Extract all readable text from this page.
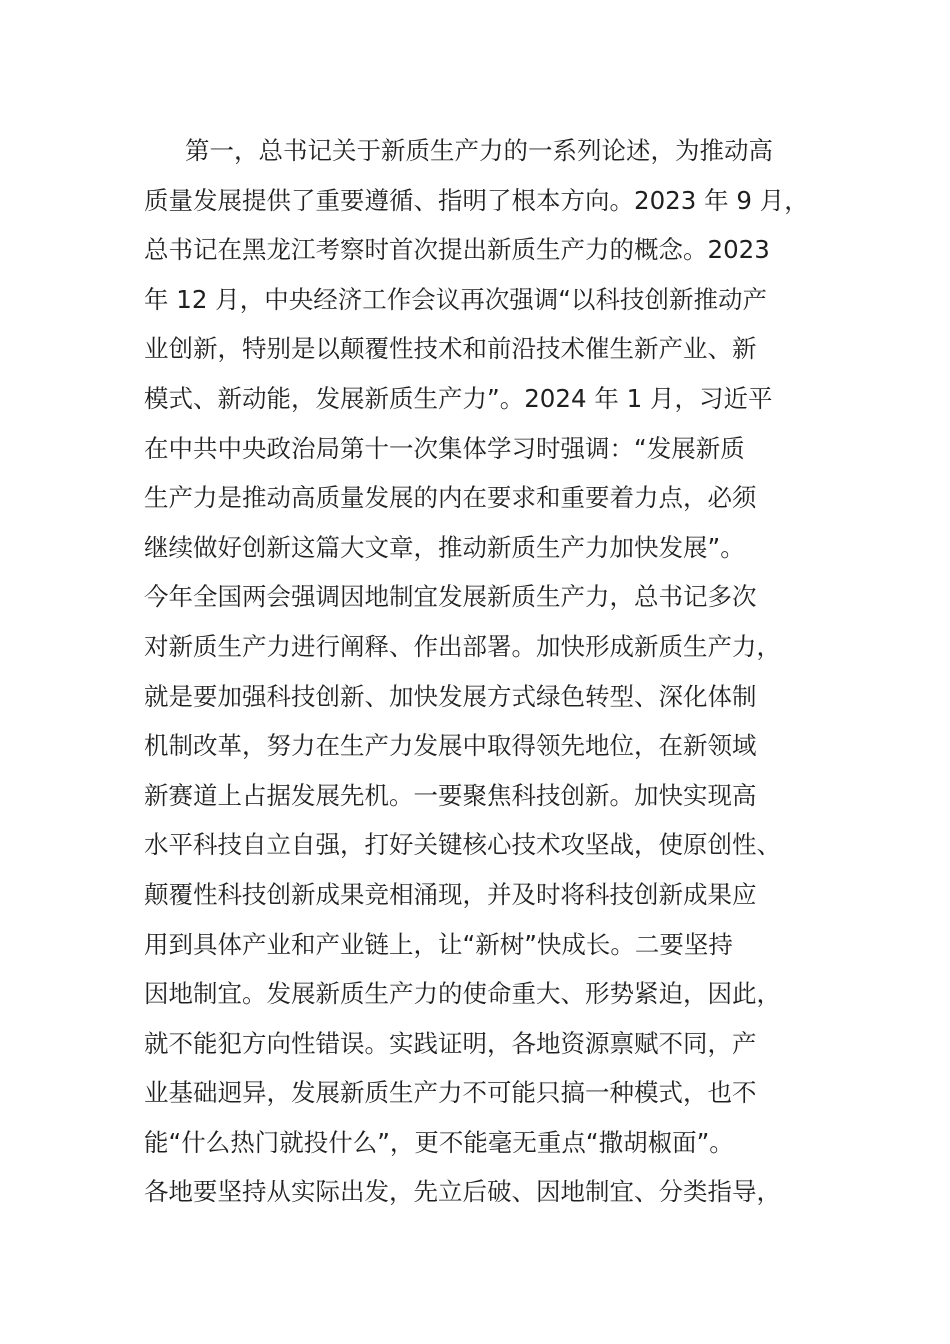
第一，总书记关于新质生产力的一系列论述，为推动高
质量发展提供了重要遵循、指明了根本方向。2023 年 9 月，
总书记在黑龙江考察时首次提出新质生产力的概念。2023
年 12 月，中央经济工作会议再次强调“以科技创新推动产
业创新，特别是以颠覆性技术和前沿技术催生新产业、新
模式、新动能，发展新质生产力”。2024 年 1 月，习近平
在中共中央政治局第十一次集体学习时强调：“发展新质
生产力是推动高质量发展的内在要求和重要着力点，必须
继续做好创新这篇大文章，推动新质生产力加快发展”。
今年全国两会强调因地制宜发展新质生产力，总书记多次
对新质生产力进行阐释、作出部署。加快形成新质生产力，
就是要加强科技创新、加快发展方式绿色转型、深化体制
机制改革，努力在生产力发展中取得领先地位，在新领域
新赛道上占据发展先机。一要聚焦科技创新。加快实现高
水平科技自立自强，打好关键核心技术攻坚战，使原创性、
颠覆性科技创新成果竞相涌现，并及时将科技创新成果应
用到具体产业和产业链上，让“新树”快成长。二要坚持
因地制宜。发展新质生产力的使命重大、形势紧迫，因此，
就不能犯方向性错误。实践证明，各地资源禀赋不同，产
业基础迥异，发展新质生产力不可能只搞一种模式，也不
能“什么热门就投什么”，更不能毫无重点“撒胡椒面”。
各地要坚持从实际出发，先立后破、因地制宜、分类指导，
